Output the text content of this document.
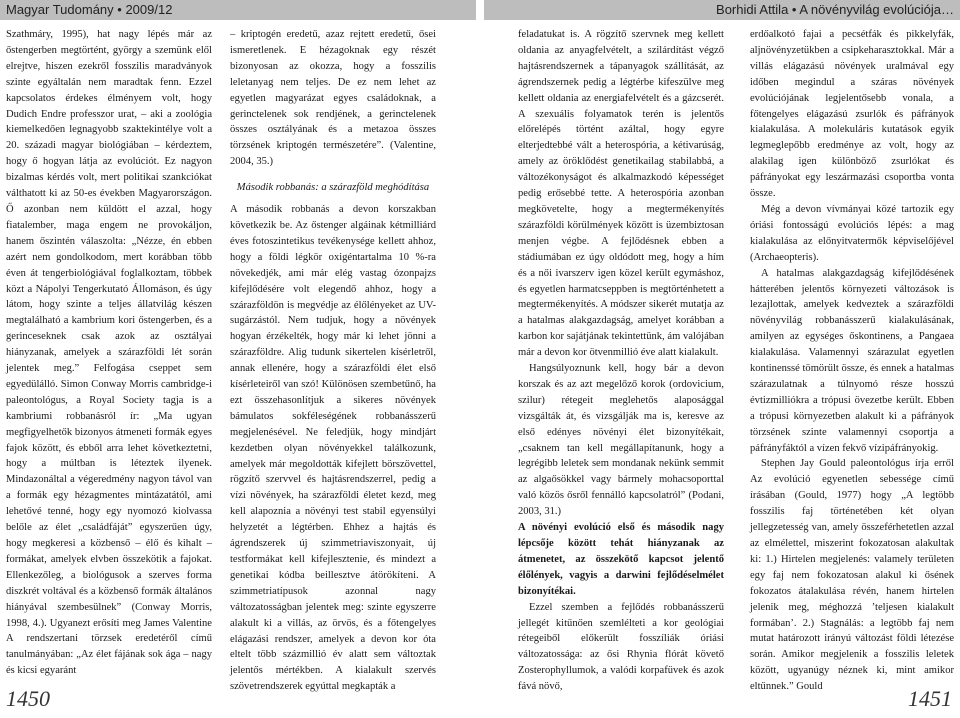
Magyar Tudomány • 2009/12	Borhidi Attila • A növényvilág evolúciója…

Szathmáry, 1995), hat nagy lépés már az őstengerben megtörtént, györgy a szemünk elől elrejtve, hiszen ezekről fosszilis maradványok szinte egyáltalán nem maradtak fenn. Ezzel kapcsolatos érdekes élményem volt, hogy Dudich Endre professzor urat, – aki a zoológia kiemelkedően legnagyobb szaktekintélye volt a 20. századi magyar biológiában – kérdeztem, hogy ő hogyan látja az evolúciót. Ez nagyon bizalmas kérdés volt, mert politikai szankciókat válthatott ki az 50-es években Magyarországon. Ő azonban nem küldött el azzal, hogy fiatalember, maga engem ne provokáljon, hanem őszintén válaszolta: „Nézze, én ebben azért nem gondolkodom, mert korábban több éven át tengerbiológiával foglalkoztam, többek közt a Nápolyi Tengerkutató Állomáson, és úgy látom, hogy szinte a teljes állatvilág készen megtalálható a kambrium kori őstengerben, és a gerinceseknek csak azok az osztályai hiányzanak, amelyek a szárazföldi lét során jelentek meg.” Felfogása cseppet sem egyedülálló. Simon Conway Morris cambridge-i paleontológus, a Royal Society tagja is a kambriumi robbanásról ír: „Ma ugyan megfigyelhetők bizonyos átmeneti formák egyes fajok között, és ebből arra lehet következtetni, hogy a múltban is léteztek ilyenek. Mindazonáltal a végeredmény nagyon távol van a formák egy hézagmentes mintázatától, ami lehetővé tenné, hogy egy nyomozó kiolvassa belőle az élet „családfáját” egyszerűen úgy, hogy megkeresi a közbenső – élő és kihalt – formákat, amelyek elvben összekötik a fajokat. Ellenkezőleg, a biológusok a szerves forma diszkrét voltával és a közbenső formák általános hiányával szembesülnek” (Conway Morris, 1998, 4.). Ugyanezt erősíti meg James Valentine A rendszertani törzsek eredetéről című tanulmányában: „Az élet fájának sok ága – nagy és kicsi egyaránt

– kriptogén eredetű, azaz rejtett eredetű, ősei ismeretlenek. E hézagoknak egy részét bizonyosan az okozza, hogy a fosszilis leletanyag nem teljes. De ez nem lehet az egyetlen magyarázat egyes családoknak, a gerinctelenek sok rendjének, a gerinctelenek összes osztályának és a metazoa összes törzsének kriptogén természetére”. (Valentine, 2004, 35.)

Második robbanás: a szárazföld meghódítása

A második robbanás a devon korszakban következik be. Az őstenger algáinak kétmilliárd éves fotoszintetikus tevékenysége kellett ahhoz, hogy a földi légkör oxigéntartalma 10 %-ra növekedjék, ami már elég vastag ózonpajzs kifejlődésére volt elegendő ahhoz, hogy a szárazföldön is megvédje az élőlényeket az UV-sugárzástól. Nem tudjuk, hogy a növények hogyan érzékelték, hogy már ki lehet jönni a szárazföldre. Alig tudunk sikertelen kísérletről, annak ellenére, hogy a szárazföldi élet első kísérleteiről van szó! Különösen szembetűnő, ha ezt összehasonlítjuk a sikeres növények bámulatos sokféleségének robbanásszerű megjelenésével. Ne feledjük, hogy mindjárt kezdetben olyan növényekkel találkozunk, amelyek már megoldották kifejlett börszövettel, rögzítő szervvel és hajtásrendszerrel, pedig a vízi növények, ha szárazföldi életet kezd, meg kell alapoznia a növényi test stabil egyensúlyi helyzetét a légtérben. Ehhez a hajtás és ágrendszerek új szimmetriaviszonyait, új testformákat kell kifejleszteniе, és mindezt a genetikai kódba beillesztve átörökíteni. A szimmetriatípusok azonnal nagy változatosságban jelentek meg: szinte egyszerre alakult ki a villás, az örvös, és a főtengelyes elágazási rendszer, amelyek a devon kor óta eltelt több százmillió év alatt sem változtak jelentős mértékben. A kialakult szervés szövetrendszerek egyúttal megkapták a

feladatukat is. A rögzítő szervnek meg kellett oldania az anyagfelvételt, a szilárdítást végző hajtásrendszernek a tápanyagok szállítását, az ágrendszernek pedig a légtérbe kifeszülve meg kellett oldania az energiafelvételt és a gázcserét. A szexuális folyamatok terén is jelentős előrelépés történt azáltal, hogy egyre elterjedtebbé vált a heterospória, a kétivarúság, amely az öröklődést genetikailag stabilabbá, a változékonyságot és alkalmazkodó képességet pedig erősebbé tette. A heterospória azonban megkövetelte, hogy a megtermékenyítés szárazföldi körülmények között is üzembiztosan menjen végbe. A fejlődésnek ebben a stádiumában ez úgy oldódott meg, hogy a hím és a női ivarszerv igen közel került egymáshoz, és egyetlen harmatcseppben is megtörténhetett a megtermékenyítés. A módszer sikerét mutatja az a hatalmas alakgazdagság, amelyet korábban a karbon kor sajátjának tekintettünk, ám valójában már a devon kor ötvenmillió éve alatt kialakult.

Hangsúlyoznunk kell, hogy bár a devon korszak és az azt megelőző korok (ordovicium, szilur) rétegeit meglehetős alaposággal vizsgálták át, és vizsgálják ma is, keresve az első edényes növényi élet bizonyítékait, „csaknem tan kell megállapítanunk, hogy a legrégibb leletek sem mondanak nekünk semmit az algaősökkel vagy bármely mohacsoporttal való közös ősről fennálló kapcsolatról” (Podani, 2003, 31.)

A növényi evolúció első és második nagy lépcsője között tehát hiányzanak az átmenetet, az összekötő kapcsot jelentő élőlények, vagyis a darwini fejlődéselmélet bizonyítékai.

Ezzel szemben a fejlődés robbanásszerű jellegét kitűnően szemlélteti a kor geológiai rétegeiből előkerült fosszíliák óriási változatossága: az ősi Rhynia flórát követő Zosterophyllumok, a valódi korpafüvek és azok fává növő,

erdőalkotó fajai a pecsétfák és pikkelyfák, aljnövényzetükben a csipkeharasztokkal. Már a villás elágazású növények uralmával egy időben megindul a száras növények evolúciójának legjelentősebb vonala, a főtengelyes elágazású zsurlók és páfrányok kialakulása. A molekuláris kutatások egyik legmeglepőbb eredménye az volt, hogy az alakilag igen különböző zsurlókat és páfrányokat egy leszármazási csoportba vonta össze.

Még a devon vívmányai közé tartozik egy óriási fontosságú evolúciós lépés: a mag kialakulása az előnyitvatermők képviselőjével (Archaeopteris).

A hatalmas alakgazdagság kifejlődésének hátterében jelentős környezeti változások is lezajlottak, amelyek kedveztek a szárazföldi növényvilág robbanásszerű kialakulásának, amilyen az egységes őskontinens, a Pangaea kialakulása. Valamennyi szárazulat egyetlen kontinenssé tömörült össze, és ennek a hatalmas szárazulatnak a túlnyomó része hosszú évtizmilliókra a trópusi övezetbe került. Ebben a trópusi környezetben alakult ki a páfrányok törzsének szinte valamennyi csoportja a páfrányfáktól a vízen fekvő vízipáfrányokig.

Stephen Jay Gould paleontológus írja erről Az evolúció egyenetlen sebessége című írásában (Gould, 1977) hogy „A legtöbb fosszilis faj történetében két olyan jellegzetesség van, amely összeférhetetlen azzal az elmélettel, miszerint fokozatosan alakultak ki: 1.) Hirtelen megjelenés: valamely területen egy faj nem fokozatosan alakul ki ősének fokozatos átalakulása révén, hanem hirtelen jelenik meg, méghozzá ’teljesen kialakult formában’. 2.) Stagnálás: a legtöbb faj nem mutat határozott irányú változást földi létezése során. Amikor megjelenik a fosszilis leletek között, ugyanúgy néznek ki, mint amikor eltűnnek.” Gould

1450	1451
